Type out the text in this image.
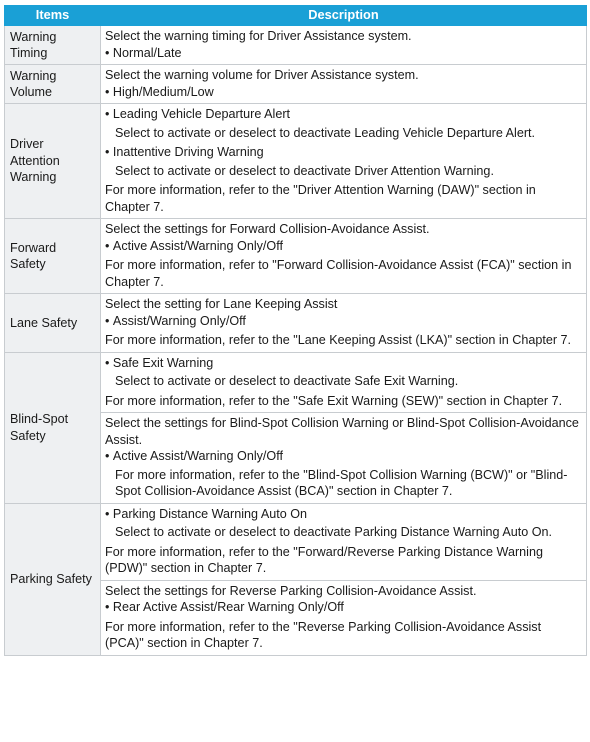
Items	Description
Warning Timing	Select the warning timing for Driver Assistance system.
• Normal/Late

Warning Volume	Select the warning volume for Driver Assistance system.
• High/Medium/Low

Driver Attention Warning	• Leading Vehicle Departure Alert
Select to activate or deselect to deactivate Leading Vehicle Departure Alert.
• Inattentive Driving Warning
Select to activate or deselect to deactivate Driver Attention Warning.
For more information, refer to the "Driver Attention Warning (DAW)" section in Chapter 7.

Forward Safety	Select the settings for Forward Collision-Avoidance Assist.
• Active Assist/Warning Only/Off
For more information, refer to "Forward Collision-Avoidance Assist (FCA)" section in Chapter 7.

Lane Safety	Select the setting for Lane Keeping Assist
• Assist/Warning Only/Off
For more information, refer to the "Lane Keeping Assist (LKA)" section in Chapter 7.

Blind-Spot Safety	• Safe Exit Warning
Select to activate or deselect to deactivate Safe Exit Warning.
For more information, refer to the "Safe Exit Warning (SEW)" section in Chapter 7.

	Select the settings for Blind-Spot Collision Warning or Blind-Spot Collision-Avoidance Assist.
• Active Assist/Warning Only/Off
For more information, refer to the "Blind-Spot Collision Warning (BCW)" or "Blind-Spot Collision-Avoidance Assist (BCA)" section in Chapter 7.

Parking Safety	• Parking Distance Warning Auto On
Select to activate or deselect to deactivate Parking Distance Warning Auto On.
For more information, refer to the "Forward/Reverse Parking Distance Warning (PDW)" section in Chapter 7.

	Select the settings for Reverse Parking Collision-Avoidance Assist.
• Rear Active Assist/Rear Warning Only/Off
For more information, refer to the "Reverse Parking Collision-Avoidance Assist (PCA)" section in Chapter 7.
